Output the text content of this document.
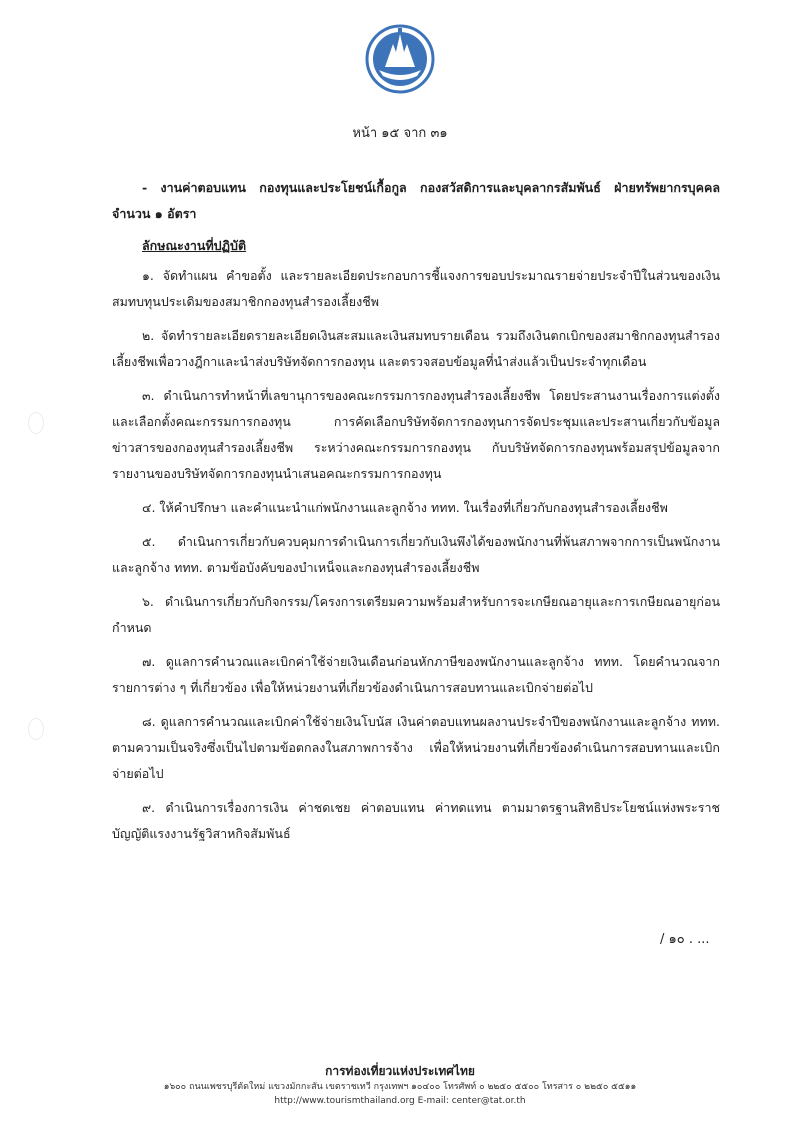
หน้า ๑๕ จาก ๓๑
- งานค่าตอบแทน กองทุนและประโยชน์เกื้อกูล กองสวัสดิการและบุคลากรสัมพันธ์ ฝ่ายทรัพยากรบุคคล จำนวน ๑ อัตรา
ลักษณะงานที่ปฏิบัติ

๑. จัดทำแผน คำขอตั้ง และรายละเอียดประกอบการชี้แจงการขอบประมาณรายจ่ายประจำปีในส่วนของเงินสมทบทุนประเดิมของสมาชิกกองทุนสำรองเลี้ยงชีพ

๒. จัดทำรายละเอียดรายละเอียดเงินสะสมและเงินสมทบรายเดือน รวมถึงเงินตกเบิกของสมาชิกกองทุนสำรองเลี้ยงชีพเพื่อวางฎีกาและนำส่งบริษัทจัดการกองทุน และตรวจสอบข้อมูลที่นำส่งแล้วเป็นประจำทุกเดือน

๓. ดำเนินการทำหน้าที่เลขานุการของคณะกรรมการกองทุนสำรองเลี้ยงชีพ โดยประสานงานเรื่องการแต่งตั้งและเลือกตั้งคณะกรรมการกองทุน การคัดเลือกบริษัทจัดการกองทุนการจัดประชุมและประสานเกี่ยวกับข้อมูลข่าวสารของกองทุนสำรองเลี้ยงชีพ ระหว่างคณะกรรมการกองทุน กับบริษัทจัดการกองทุนพร้อมสรุปข้อมูลจากรายงานของบริษัทจัดการกองทุนนำเสนอคณะกรรมการกองทุน

๔. ให้คำปรึกษา และคำแนะนำแก่พนักงานและลูกจ้าง ททท. ในเรื่องที่เกี่ยวกับกองทุนสำรองเลี้ยงชีพ

๕. ดำเนินการเกี่ยวกับควบคุมการดำเนินการเกี่ยวกับเงินพึงได้ของพนักงานที่พ้นสภาพจากการเป็นพนักงานและลูกจ้าง ททท. ตามข้อบังคับของบำเหน็จและกองทุนสำรองเลี้ยงชีพ

๖. ดำเนินการเกี่ยวกับกิจกรรม/โครงการเตรียมความพร้อมสำหรับการจะเกษียณอายุและการเกษียณอายุก่อนกำหนด

๗. ดูแลการคำนวณและเบิกค่าใช้จ่ายเงินเดือนก่อนหักภาษีของพนักงานและลูกจ้าง ททท. โดยคำนวณจากรายการต่าง ๆ ที่เกี่ยวข้อง เพื่อให้หน่วยงานที่เกี่ยวข้องดำเนินการสอบทานและเบิกจ่ายต่อไป

๘. ดูแลการคำนวณและเบิกค่าใช้จ่ายเงินโบนัส เงินค่าตอบแทนผลงานประจำปีของพนักงานและลูกจ้าง ททท. ตามความเป็นจริงซึ่งเป็นไปตามข้อตกลงในสภาพการจ้าง เพื่อให้หน่วยงานที่เกี่ยวข้องดำเนินการสอบทานและเบิกจ่ายต่อไป

๙. ดำเนินการเรื่องการเงิน ค่าชดเชย ค่าตอบแทน ค่าทดแทน ตามมาตรฐานสิทธิประโยชน์แห่งพระราชบัญญัติแรงงานรัฐวิสาหกิจสัมพันธ์

/ ๑๐ . ...
การท่องเที่ยวแห่งประเทศไทย
๑๖๐๐ ถนนเพชรบุรีตัดใหม่ แขวงมักกะสัน เขตราชเทวี กรุงเทพฯ ๑๐๔๐๐ โทรศัพท์ ๐ ๒๒๕๐ ๕๕๐๐ โทรสาร ๐ ๒๒๕๐ ๕๕๑๑
http://www.tourismthailand.org E-mail: center@tat.or.th
